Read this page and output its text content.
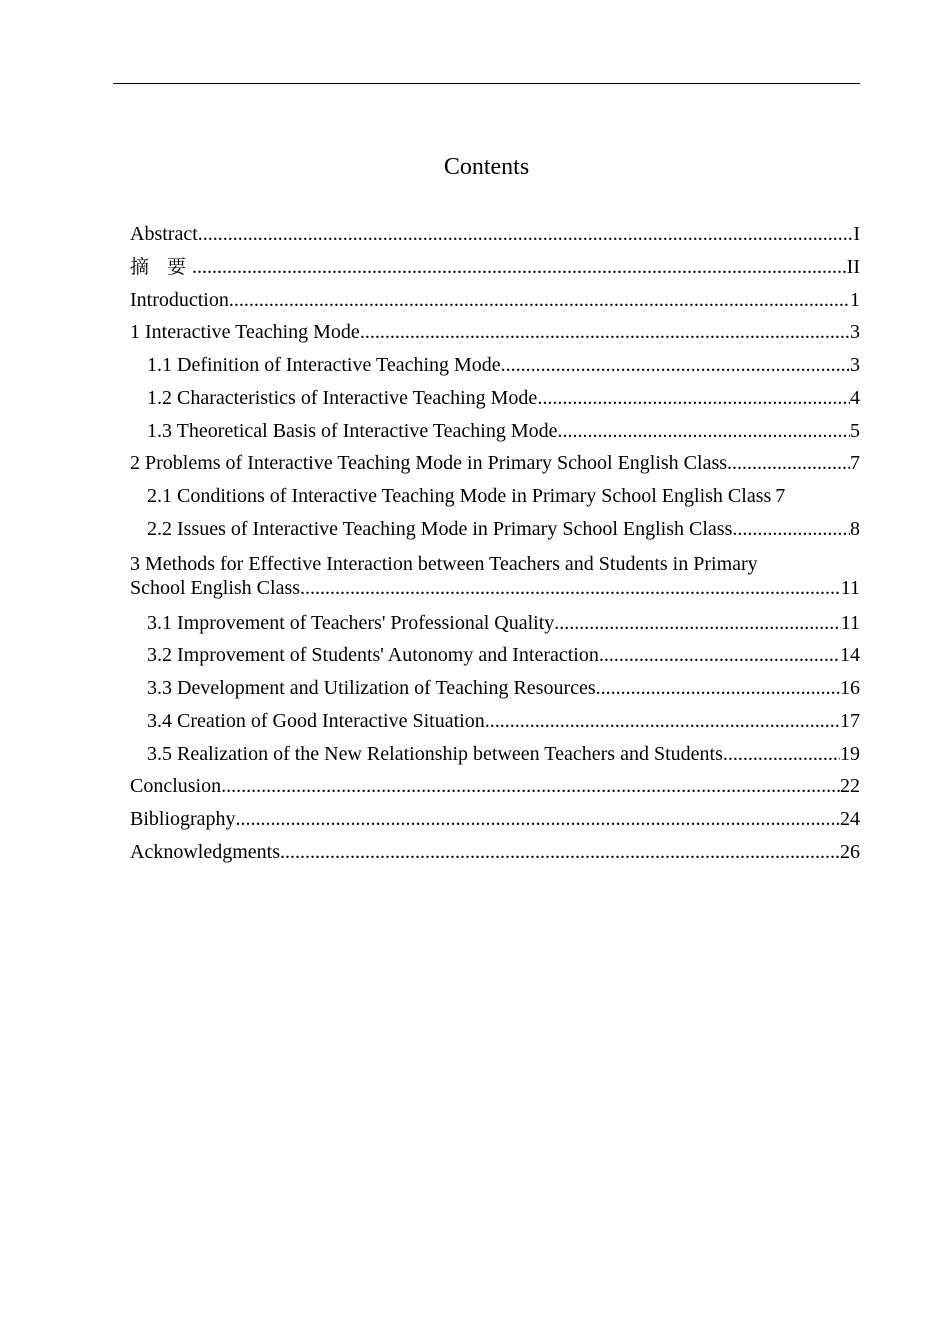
Contents
Abstract .....	I
摘 要 .....	II
Introduction .....	1
1 Interactive Teaching Mode .....	3
1.1 Definition of Interactive Teaching Mode .....	3
1.2 Characteristics of Interactive Teaching Mode .....	4
1.3 Theoretical Basis of Interactive Teaching Mode .....	5
2 Problems of Interactive Teaching Mode in Primary School English Class .....	7
2.1 Conditions of Interactive Teaching Mode in Primary School English Class 7
2.2 Issues of Interactive Teaching Mode in Primary School English Class .....	8
3 Methods for Effective Interaction between Teachers and Students in Primary
School English Class .....	11
3.1 Improvement of Teachers' Professional Quality .....	11
3.2 Improvement of Students' Autonomy and Interaction .....	14
3.3 Development and Utilization of Teaching Resources .....	16
3.4 Creation of Good Interactive Situation .....	17
3.5 Realization of the New Relationship between Teachers and Students .....	19
Conclusion .....	22
Bibliography .....	24
Acknowledgments .....	26
